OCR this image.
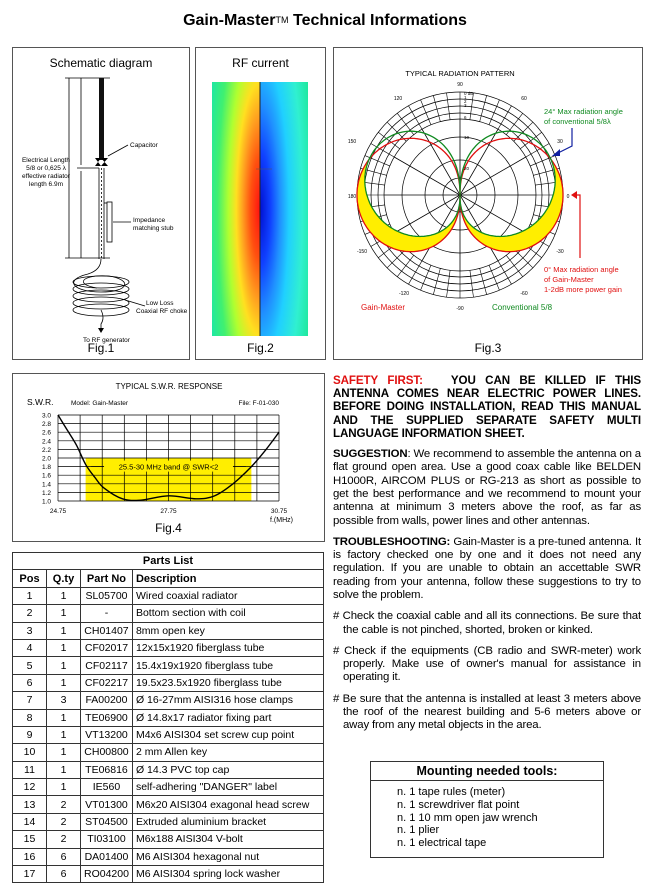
Gain-Master™ Technical Informations
Schematic diagram
Capacitor
Electrical Length
5/8 or 0,625 λ
effective radiator
length 6.9m
Impedance
matching stub
Low Loss
Coaxial RF choke
To RF generator
Fig.1
RF current
Fig.2
TYPICAL RADIATION PATTERN
90
60
30
0
-30
-60
-90
-120
-150
180
150
120
0 dB
1
2
3
6
10
20
24° Max radiation angle
of conventional 5/8λ
0° Max radiation angle
of Gain-Master
1-2dB more power gain
Gain-Master	Conventional 5/8
Fig.3
TYPICAL S.W.R. RESPONSE
S.W.R.	Model: Gain-Master	File: F-01-030
3.0
2.8
2.6
2.4
2.2
2.0
1.8
1.6
1.4
1.2
1.0
24.75	27.75	30.75
f.(MHz)
25.5-30 MHz band @ SWR<2
Fig.4
Parts List			
Pos	Q.ty	Part No	Description
1	1	SL05700	Wired coaxial radiator
2	1	-	Bottom section with coil
3	1	CH01407	8mm open key
4	1	CF02017	12x15x1920 fiberglass tube
5	1	CF02117	15.4x19x1920 fiberglass tube
6	1	CF02217	19.5x23.5x1920 fiberglass tube
7	3	FA00200	Ø 16-27mm AISI316 hose clamps
8	1	TE06900	Ø 14.8x17 radiator fixing part
9	1	VT13200	M4x6 AISI304 set screw cup point
10	1	CH00800	2 mm Allen key
11	1	TE06816	Ø 14.3 PVC top cap
12	1	IE560	self-adhering "DANGER" label
13	2	VT01300	M6x20 AISI304 exagonal head screw
14	2	ST04500	Extruded aluminium bracket
15	2	TI03100	M6x188 AISI304 V-bolt
16	6	DA01400	M6 AISI304 hexagonal nut
17	6	RO04200	M6 AISI304 spring lock washer

SAFETY FIRST: YOU CAN BE KILLED IF THIS ANTENNA COMES NEAR ELECTRIC POWER LINES. BEFORE DOING INSTALLATION, READ THIS MANUAL AND THE SUPPLIED SEPARATE SAFETY MULTI LANGUAGE INFORMATION SHEET.

SUGGESTION: We recommend to assemble the antenna on a flat ground open area. Use a good coax cable like BELDEN H1000R, AIRCOM PLUS or RG-213 as short as possible to get the best performance and we recommend to mount your antenna at minimum 3 meters above the roof, as far as possible from walls, power lines and other antennas.

TROUBLESHOOTING: Gain-Master is a pre-tuned antenna. It is factory checked one by one and it does not need any regulation. If you are unable to obtain an accettable SWR reading from your antenna, follow these suggestions to try to solve the problem.

# Check the coaxial cable and all its connections. Be sure that the cable is not pinched, shorted, broken or kinked.

# Check if the equipments (CB radio and SWR-meter) work properly. Make use of owner's manual for assistance in operating it.

# Be sure that the antenna is installed at least 3 meters above the roof of the nearest building and 5-6 meters above or away from any metal objects in the area.

Mounting needed tools:
n. 1 tape rules (meter)
n. 1 screwdriver flat point
n. 1 10 mm open jaw wrench
n. 1 plier
n. 1 electrical tape
